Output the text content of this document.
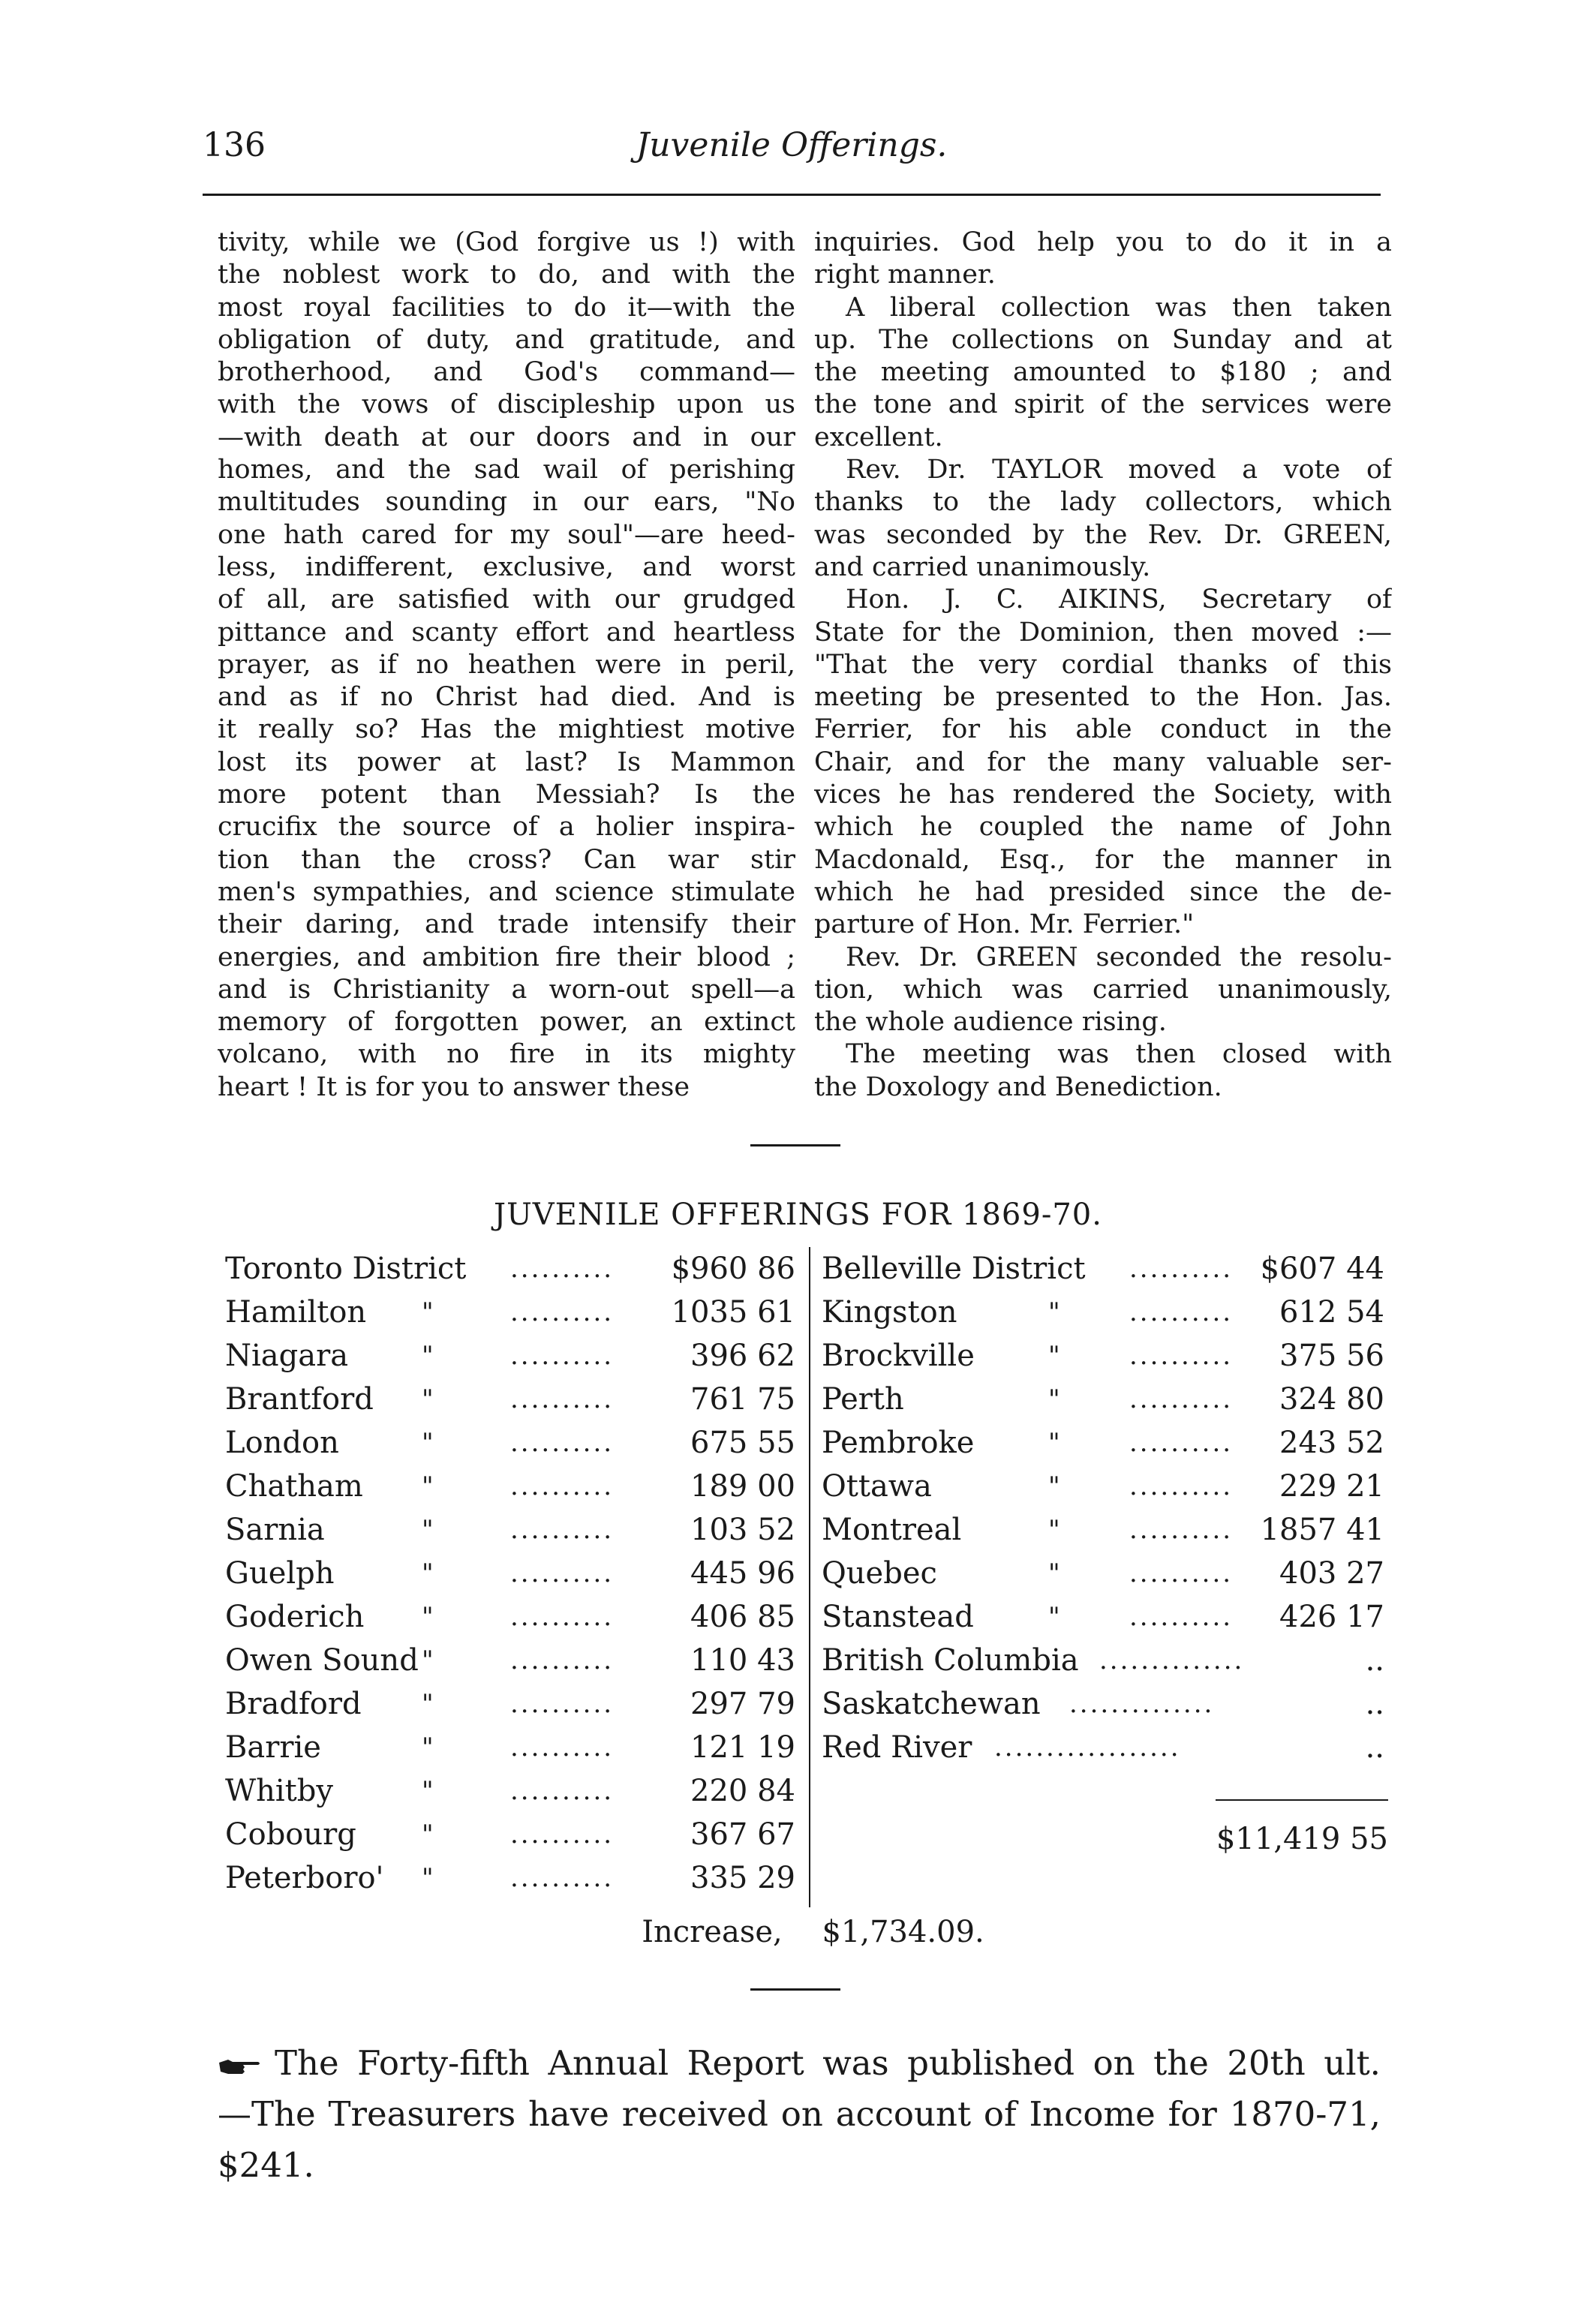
136	Juvenile Offerings.
tivity, while we (God forgive us !) with
the noblest work to do, and with the
most royal facilities to do it—with the
obligation of duty, and gratitude, and
brotherhood, and God's command—
with the vows of discipleship upon us
—with death at our doors and in our
homes, and the sad wail of perishing
multitudes sounding in our ears, "No
one hath cared for my soul"—are heed-
less, indifferent, exclusive, and worst
of all, are satisfied with our grudged
pittance and scanty effort and heartless
prayer, as if no heathen were in peril,
and as if no Christ had died. And is
it really so? Has the mightiest motive
lost its power at last? Is Mammon
more potent than Messiah? Is the
crucifix the source of a holier inspira-
tion than the cross? Can war stir
men's sympathies, and science stimulate
their daring, and trade intensify their
energies, and ambition fire their blood ;
and is Christianity a worn-out spell—a
memory of forgotten power, an extinct
volcano, with no fire in its mighty
heart ! It is for you to answer these
inquiries. God help you to do it in a
right manner.
A liberal collection was then taken
up. The collections on Sunday and at
the meeting amounted to $180 ; and
the tone and spirit of the services were
excellent.
Rev. Dr. TAYLOR moved a vote of
thanks to the lady collectors, which
was seconded by the Rev. Dr. GREEN,
and carried unanimously.
Hon. J. C. AIKINS, Secretary of
State for the Dominion, then moved :—
"That the very cordial thanks of this
meeting be presented to the Hon. Jas.
Ferrier, for his able conduct in the
Chair, and for the many valuable ser-
vices he has rendered the Society, with
which he coupled the name of John
Macdonald, Esq., for the manner in
which he had presided since the de-
parture of Hon. Mr. Ferrier."
Rev. Dr. GREEN seconded the resolu-
tion, which was carried unanimously,
the whole audience rising.
The meeting was then closed with
the Doxology and Benediction.
JUVENILE OFFERINGS FOR 1869-70.
Toronto District ..........	$960 86
Hamilton "	..........	1035 61
Niagara	"	..........	396 62
Brantford "	..........	761 75
London	"	..........	675 55
Chatham "	..........	189 00
Sarnia	"	..........	103 52
Guelph	"	..........	445 96
Goderich "	..........	406 85
Owen Sound "	..........	110 43
Bradford "	..........	297 79
Barrie	"	..........	121 19
Whitby	"	..........	220 84
Cobourg	"	..........	367 67
Peterboro' "	..........	335 29
Belleville District .......... $607 44
Kingston	"	..........	612 54
Brockville	"	..........	375 56
Perth	"	..........	324 80
Pembroke	"	..........	243 52
Ottawa	"	..........	229 21
Montreal	"	.......... 1857 41
Quebec	"	..........	403 27
Stanstead	"	..........	426 17
British Columbia ..............	..
Saskatchewan ..............	..
Red River ..................	..
$11,419 55
Increase, $1,734.09.
The Forty-fifth Annual Report was published on the 20th ult.
—The Treasurers have received on account of Income for 1870-71,
$241.
